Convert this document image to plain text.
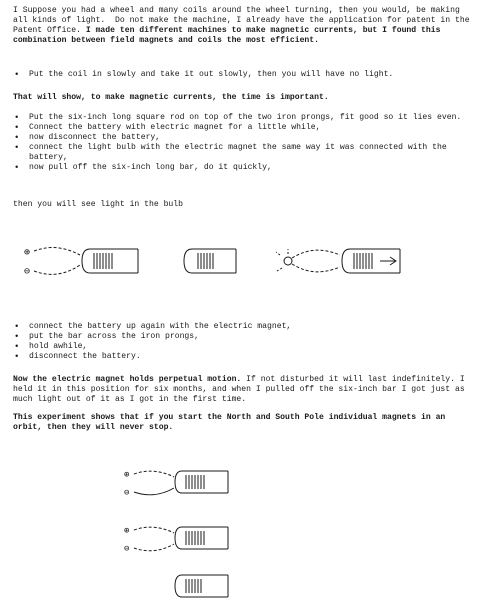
I Suppose you had a wheel and many coils around the wheel turning, then you would, be making all kinds of light.  Do not make the machine, I already have the application for patent in the Patent Office. I made ten different machines to make magnetic currents, but I found this combination between field magnets and coils the most efficient.

• Put the coil in slowly and take it out slowly, then you will have no light.

That will show, to make magnetic currents, the time is important.

• Put the six-inch long square rod on top of the two iron prongs, fit good so it lies even.
• Connect the battery with electric magnet for a little while,
• now disconnect the battery,
• connect the light bulb with the electric magnet the same way it was connected with the battery,
• now pull off the six-inch long bar, do it quickly,

then you will see light in the bulb

⊕
⊖
• connect the battery up again with the electric magnet,
• put the bar across the iron prongs,
• hold awhile,
• disconnect the battery.

Now the electric magnet holds perpetual motion. If not disturbed it will last indefinitely. I held it in this position for six months, and when I pulled off the six-inch bar I got just as much light out of it as I got in the first time.

This experiment shows that if you start the North and South Pole individual magnets in an orbit, then they will never stop.

⊕
⊖
⊕
⊖
